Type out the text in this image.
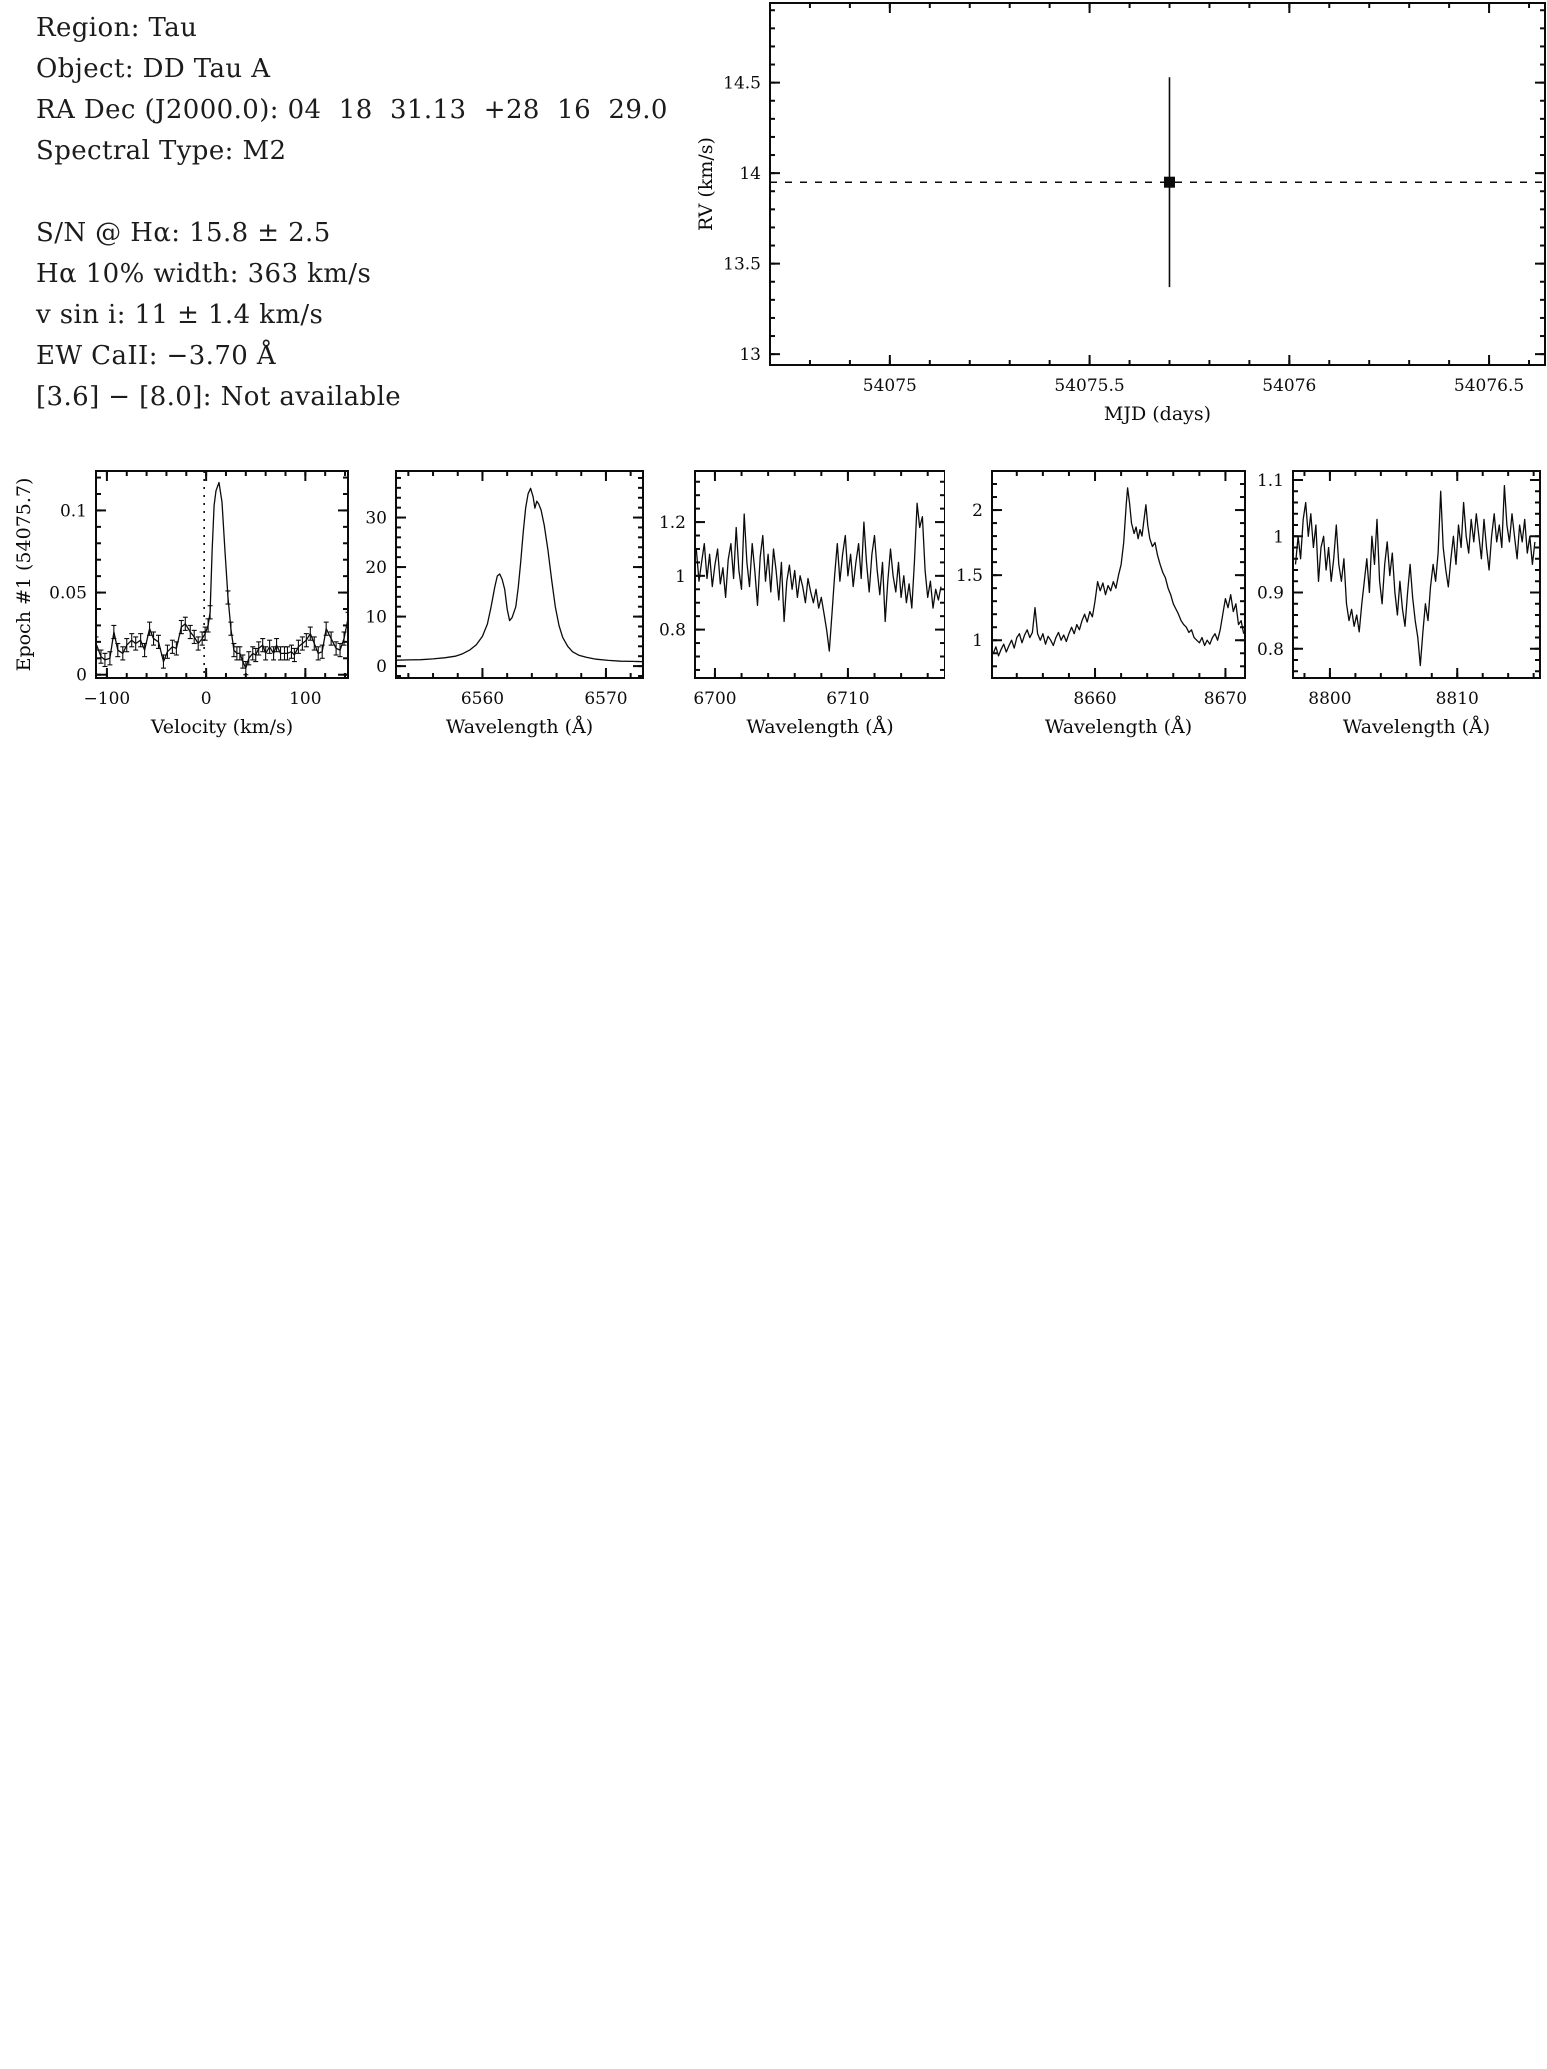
Region: Tau
Object: DD Tau A
RA Dec (J2000.0): 04  18  31.13  +28  16  29.0
Spectral Type: M2
S/N @ Hα: 15.8 ± 2.5
Hα 10% width: 363 km/s
v sin i: 11 ± 1.4 km/s
EW CaII: −3.70 Å
[3.6] − [8.0]: Not available	54075	54075.5	54076	54076.5
13
13.5
14
14.5
MJD (days)
RV (km/s)
−100	0	100
0
0.05
0.1
Velocity (km/s)
Epoch #1 (54075.7)
6560	6570
0
10
20
30
Wavelength (Å)
6700	6710
0.8
1
1.2
Wavelength (Å)
8660	8670
1
1.5
2
Wavelength (Å)
8800	8810
0.8
0.9
1
1.1
Wavelength (Å)
